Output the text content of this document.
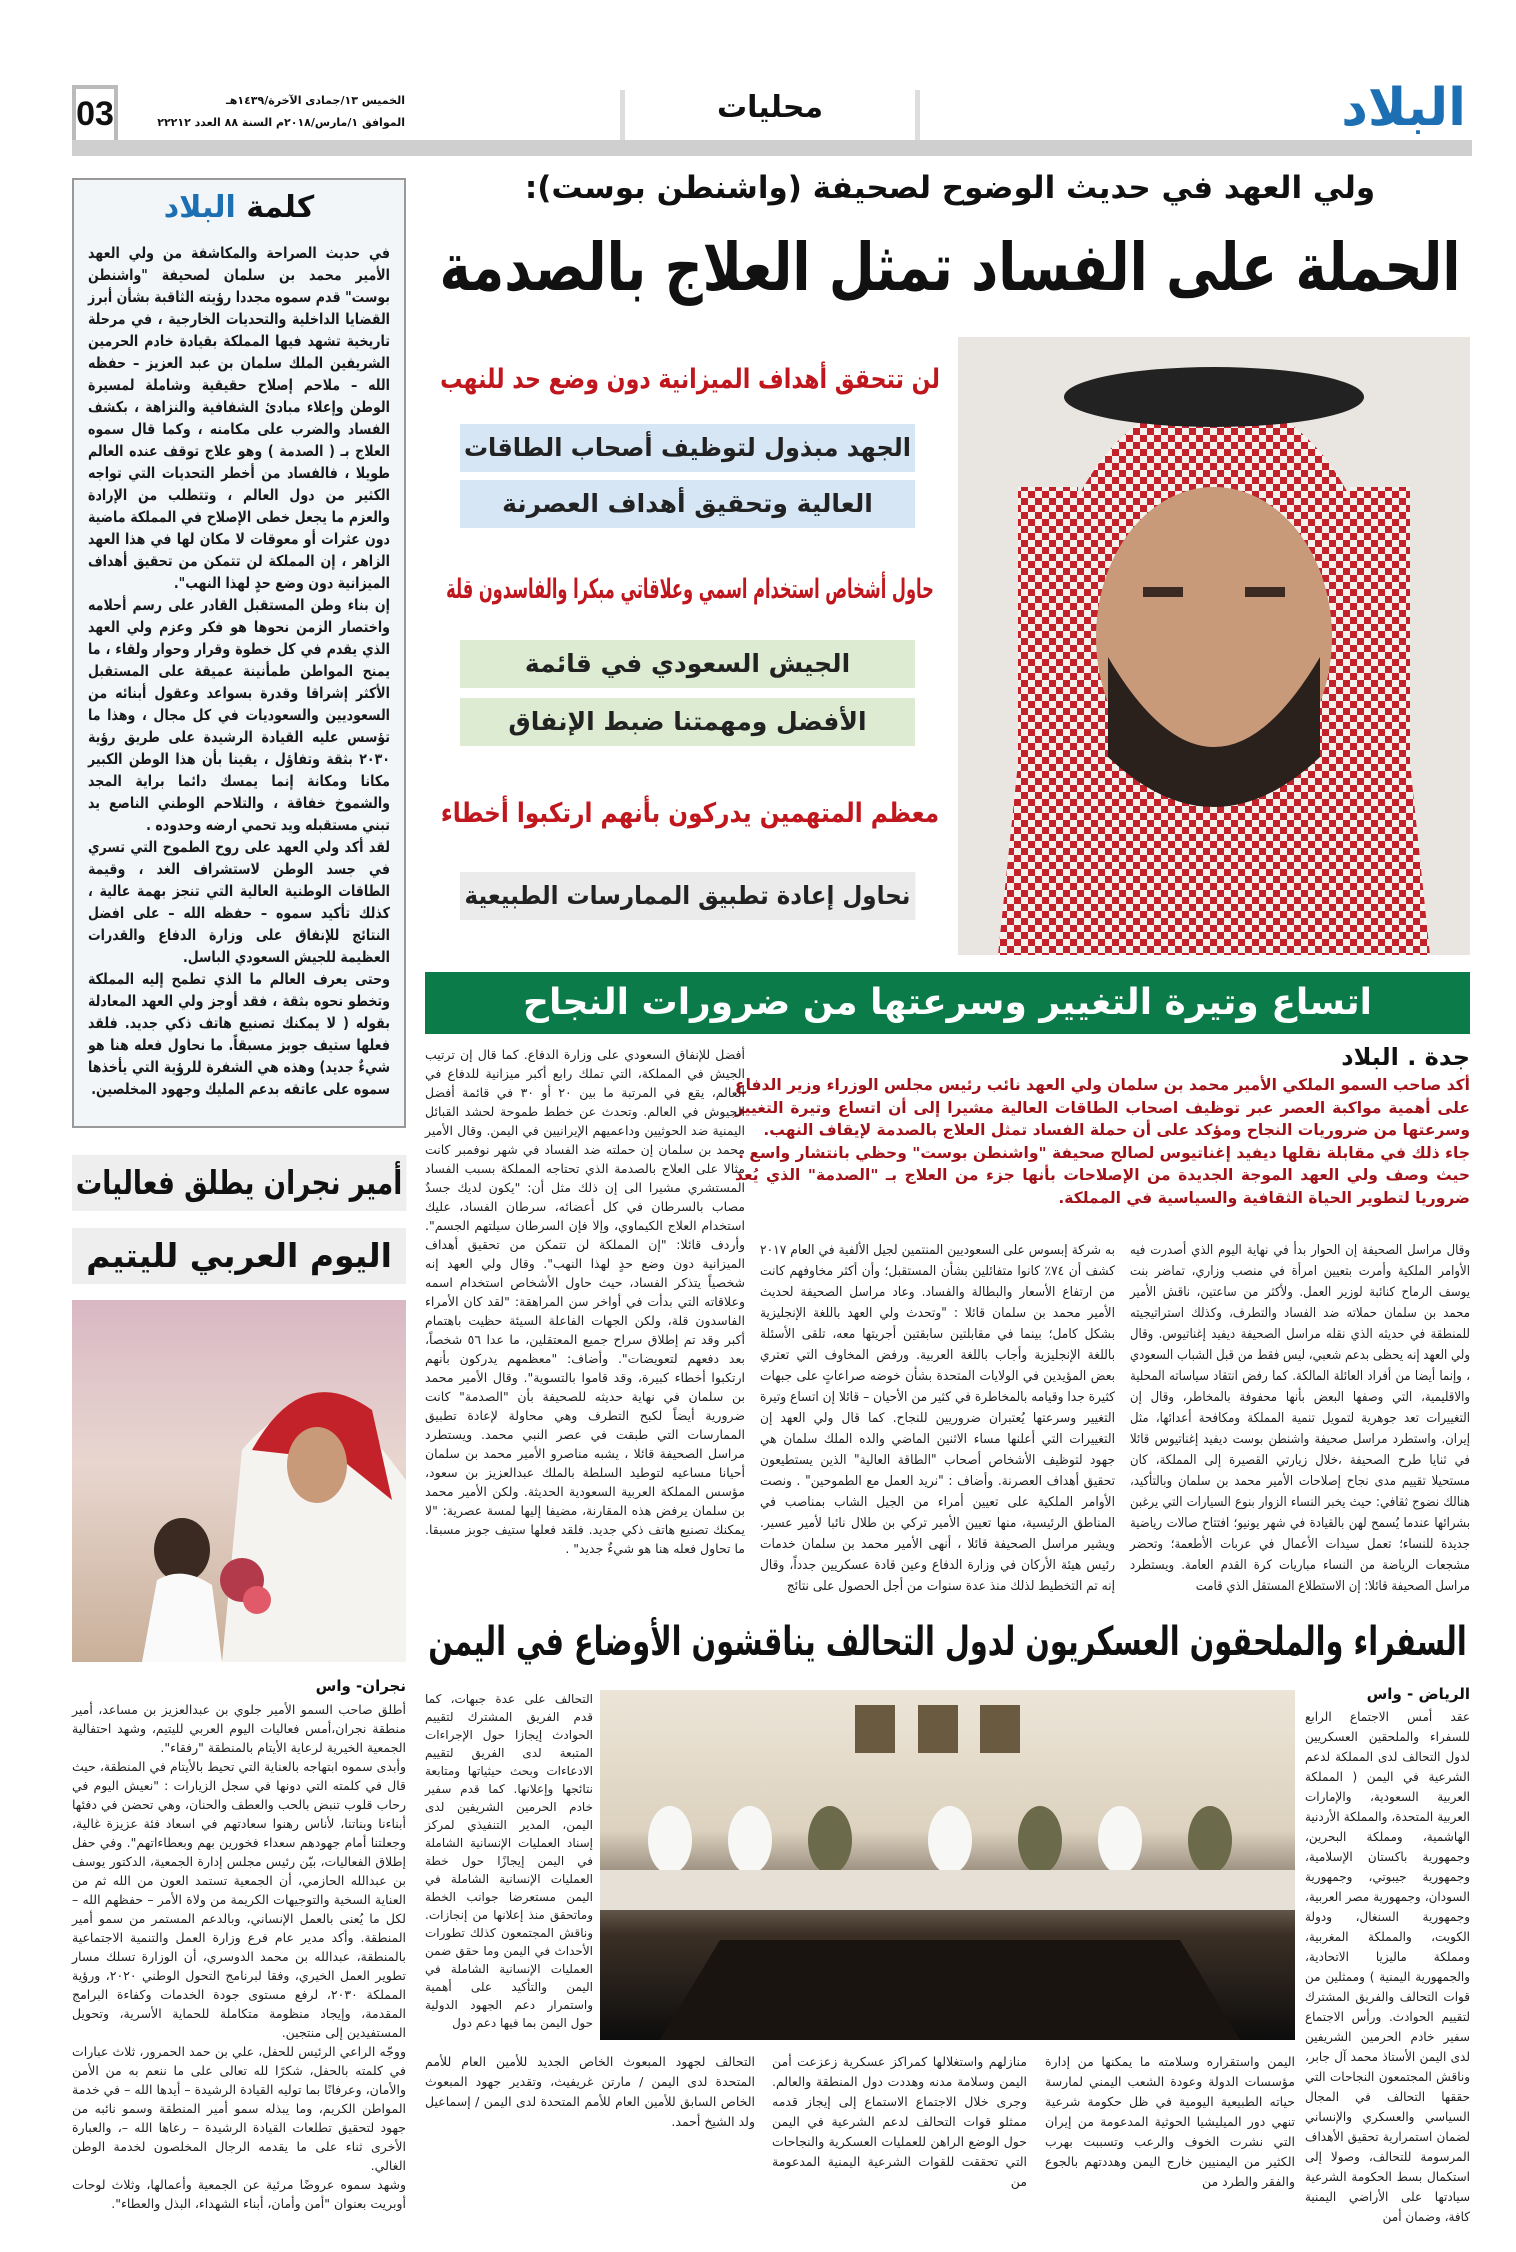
البلاد
محليات
03	الخميس ١٣/جمادى الآخرة/١٤٣٩هـ
الموافق ١/مارس/٢٠١٨م السنة ٨٨ العدد ٢٢٢١٢
كلمة البلاد

في حديث الصراحة والمكاشفة من ولي العهد الأمير محمد بن سلمان لصحيفة "واشنطن بوست" قدم سموه مجددا رؤيته الثاقبة بشأن أبرز القضايا الداخلية والتحديات الخارجية ، في مرحلة تاريخية تشهد فيها المملكة بقيادة خادم الحرمين الشريفين الملك سلمان بن عبد العزيز – حفظه الله – ملاحم إصلاح حقيقية وشاملة لمسيرة الوطن وإعلاء مبادئ الشفافية والنزاهة ، بكشف الفساد والضرب على مكامنه ، وكما قال سموه العلاج بـ ( الصدمة ) وهو علاج توقف عنده العالم طويلا ، فالفساد من أخطر التحديات التي تواجه الكثير من دول العالم ، وتتطلب من الإرادة والعزم ما يجعل خطى الإصلاح في المملكة ماضية دون عثرات أو معوقات لا مكان لها في هذا العهد الزاهر ، إن المملكة لن تتمكن من تحقيق أهداف الميزانية دون وضع حدٍ لهذا النهب".

إن بناء وطن المستقبل القادر على رسم أحلامه واختصار الزمن نحوها هو فكر وعزم ولي العهد الذي يقدم في كل خطوة وقرار وحوار ولقاء ، ما يمنح المواطن طمأنينة عميقة على المستقبل الأكثر إشراقا وقدرة بسواعد وعقول أبنائه من السعوديين والسعوديات في كل مجال ، وهذا ما تؤسس عليه القيادة الرشيدة على طريق رؤية ٢٠٣٠ بثقة وتفاؤل ، يقينا بأن هذا الوطن الكبير مكانا ومكانة إنما يمسك دائما براية المجد والشموخ خفاقة ، والتلاحم الوطني الناصع يد تبني مستقبله ويد تحمي ارضه وحدوده .

لقد أكد ولي العهد على روح الطموح التي تسري في جسد الوطن لاستشراف الغد ، وقيمة الطاقات الوطنية العالية التي تنجز بهمة عالية ، كذلك تأكيد سموه – حفظه الله – على افضل النتائج للإنفاق على وزارة الدفاع والقدرات العظيمة للجيش السعودي الباسل.

وحتى يعرف العالم ما الذي تطمح إليه المملكة وتخطو نحوه بثقة ، فقد أوجز ولي العهد المعادلة بقوله ( لا يمكنك تصنيع هاتف ذكي جديد. فلقد فعلها ستيف جوبز مسبقاً. ما نحاول فعله هنا هو شيءٌ جديد) وهذه هي الشفرة للرؤية التي يأخذها سموه على عاتقه بدعم المليك وجهود المخلصين.

ولي العهد في حديث الوضوح لصحيفة (واشنطن بوست):
الحملة على الفساد تمثل العلاج بالصدمة
لن تتحقق أهداف الميزانية دون وضع حد للنهب
الجهد مبذول لتوظيف أصحاب الطاقات
العالية وتحقيق أهداف العصرنة
حاول أشخاص استخدام اسمي وعلاقاتي مبكرا والفاسدون قلة
الجيش السعودي في قائمة
الأفضل ومهمتنا ضبط الإنفاق
معظم المتهمين يدركون بأنهم ارتكبوا أخطاء
نحاول إعادة تطبيق الممارسات الطبيعية
اتساع وتيرة التغيير وسرعتها من ضرورات النجاح
جدة . البلاد

أكد صاحب السمو الملكي الأمير محمد بن سلمان ولي العهد نائب رئيس مجلس الوزراء وزير الدفاع على أهمية مواكبة العصر عبر توظيف اصحاب الطاقات العالية مشيرا إلى أن اتساع وتيرة التغيير وسرعتها من ضروريات النجاح ومؤكد على أن حملة الفساد تمثل العلاج بالصدمة لإيقاف النهب.

جاء ذلك في مقابلة نقلها ديفيد إغناتيوس لصالح صحيفة "واشنطن بوست" وحظي بانتشار واسع .

حيث وصف ولي العهد الموجة الجديدة من الإصلاحات بأنها جزء من العلاج بـ "الصدمة" الذي يُعد ضروريا لتطوير الحياة الثقافية والسياسية في المملكة.

وقال مراسل الصحيفة إن الحوار بدأ في نهاية اليوم الذي أصدرت فيه الأوامر الملكية وأمرت بتعيين امرأة في منصب وزاري، تماضر بنت يوسف الرماح كنائبة لوزير العمل. ولأكثر من ساعتين، ناقش الأمير محمد بن سلمان حملاته ضد الفساد والتطرف، وكذلك استراتيجيته للمنطقة في حديثه الذي نقله مراسل الصحيفة ديفيد إغناتيوس. وقال ولي العهد إنه يحظى بدعم شعبي، ليس فقط من قبل الشباب السعودي ، وإنما أيضا من أفراد العائلة المالكة. كما رفض انتقاد سياساته المحلية والاقليمية، التي وصفها البعض بأنها محفوفة بالمخاطر، وقال إن التغييرات تعد جوهرية لتمويل تنمية المملكة ومكافحة أعدائها، مثل إيران. واستطرد مراسل صحيفة واشنطن بوست ديفيد إغناتيوس قائلا في ثنايا طرح الصحيفة ،خلال زيارتي القصيرة إلى المملكة، كان مستحيلا تقييم مدى نجاح إصلاحات الأمير محمد بن سلمان وبالتأكيد، هنالك نضوج ثقافي: حيث يخبر النساء الزوار بنوع السيارات التي يرغبن بشرائها عندما يُسمح لهن بالقيادة في شهر يونيو؛ افتتاح صالات رياضية جديدة للنساء؛ تعمل سيدات الأعمال في عربات الأطعمة؛ وتحضر مشجعات الرياضة من النساء مباريات كرة القدم العامة. ويستطرد مراسل الصحيفة قائلا: إن الاستطلاع المستقل الذي قامت
به شركة إبسوس على السعوديين المنتمين لجيل الألفية في العام ٢٠١٧ كشف أن ٧٤٪ كانوا متفائلين بشأن المستقبل؛ وأن أكثر مخاوفهم كانت من ارتفاع الأسعار والبطالة والفساد. وعاد مراسل الصحيفة لحديث الأمير محمد بن سلمان قائلا : "وتحدث ولي العهد باللغة الإنجليزية بشكل كامل؛ بينما في مقابلتين سابقتين أجريتها معه، تلقى الأسئلة باللغة الإنجليزية وأجاب باللغة العربية. ورفض المخاوف التي تعتري بعض المؤيدين في الولايات المتحدة بشأن خوضه صراعاتٍ على جبهات كثيرة جدا وقيامه بالمخاطرة في كثير من الأحيان – قائلا إن اتساع وتيرة التغيير وسرعتها يُعتبران ضروريين للنجاح. كما قال ولي العهد إن التغييرات التي أعلنها مساء الاثنين الماضي والده الملك سلمان هي جهود لتوظيف الأشخاص أصحاب "الطاقة العالية" الذين يستطيعون تحقيق أهداف العصرنة. وأضاف : "نريد العمل مع الطموحين" . ونصت الأوامر الملكية على تعيين أمراء من الجيل الشاب بمناصب في المناطق الرئيسية، منها تعيين الأمير تركي بن طلال نائبا لأمير عسير. ويشير مراسل الصحيفة قائلا ، أنهى الأمير محمد بن سلمان خدمات رئيس هيئة الأركان في وزارة الدفاع وعين قادة عسكريين جدداً، وقال إنه تم التخطيط لذلك منذ عدة سنوات من أجل الحصول على نتائج
أفضل للإنفاق السعودي على وزارة الدفاع. كما قال إن ترتيب الجيش في المملكة، التي تملك رابع أكبر ميزانية للدفاع في العالم، يقع في المرتبة ما بين ٢٠ أو ٣٠ في قائمة أفضل الجيوش في العالم. وتحدث عن خطط طموحة لحشد القبائل اليمنية ضد الحوثيين وداعميهم الإيرانيين في اليمن. وقال الأمير محمد بن سلمان إن حملته ضد الفساد في شهر نوفمبر كانت مثالا على العلاج بالصدمة الذي تحتاجه المملكة بسبب الفساد المستشري مشيرا الى إن ذلك مثل أن: "يكون لديك جسدٌ مصاب بالسرطان في كل أعضائه، سرطان الفساد، عليك استخدام العلاج الكيماوي، وإلا فإن السرطان سيلتهم الجسم". وأردف قائلا: "إن المملكة لن تتمكن من تحقيق أهداف الميزانية دون وضع حدٍ لهذا النهب". وقال ولي العهد إنه شخصياً يتذكر الفساد، حيث حاول الأشخاص استخدام اسمه وعلاقاته التي بدأت في أواخر سن المراهقة: "لقد كان الأمراء الفاسدون قلة، ولكن الجهات الفاعلة السيئة حظيت باهتمام أكبر وقد تم إطلاق سراح جميع المعتقلين، ما عدا ٥٦ شخصاً، بعد دفعهم لتعويضات". وأضاف: "معظمهم يدركون بأنهم ارتكبوا أخطاء كبيرة، وقد قاموا بالتسوية". وقال الأمير محمد بن سلمان في نهاية حديثه للصحيفة بأن "الصدمة" كانت ضرورية أيضاً لكبح التطرف وهي محاولة لإعادة تطبيق الممارسات التي طبقت في عصر النبي محمد. ويستطرد مراسل الصحيفة قائلا ، يشبه مناصرو الأمير محمد بن سلمان أحيانا مساعيه لتوطيد السلطة بالملك عبدالعزيز بن سعود، مؤسس المملكة العربية السعودية الحديثة. ولكن الأمير محمد بن سلمان يرفض هذه المقارنة، مضيفا إليها لمسة عصرية: "لا يمكنك تصنيع هاتف ذكي جديد. فلقد فعلها ستيف جوبز مسبقا. ما تحاول فعله هنا هو شيءٌ جديد" .
أمير نجران يطلق فعاليات
اليوم العربي لليتيم
نجران- واس

أطلق صاحب السمو الأمير جلوي بن عبدالعزيز بن مساعد، أمير منطقة نجران،أمس فعاليات اليوم العربي لليتيم، وشهد احتفالية الجمعية الخيرية لرعاية الأيتام بالمنطقة "رفقاء".

وأبدى سموه ابتهاجه بالعناية التي تحيط بالأيتام في المنطقة، حيث قال في كلمته التي دونها في سجل الزيارات : "نعيش اليوم في رحاب قلوب تنبض بالحب والعطف والحنان، وهي تحضن في دفئها أبناءنا وبناتنا، لأناس رهنوا سعادتهم في اسعاد فئة عزيزة غالية، وجعلتنا أمام جهودهم سعداء فخورين بهم وبعطاءاتهم". وفي حفل إطلاق الفعاليات، بيّن رئيس مجلس إدارة الجمعية، الدكتور يوسف بن عبدالله الحازمي، أن الجمعية تستمد العون من الله ثم من العناية السخية والتوجيهات الكريمة من ولاة الأمر – حفظهم الله – لكل ما يُعنى بالعمل الإنساني، وبالدعم المستمر من سمو أمير المنطقة. وأكد مدير عام فرع وزارة العمل والتنمية الاجتماعية بالمنطقة، عبدالله بن محمد الدوسري، أن الوزارة تسلك مسار تطوير العمل الخيري، وفقا لبرنامج التحول الوطني ٢٠٢٠، ورؤية المملكة ٢٠٣٠، لرفع مستوى جودة الخدمات وكفاءة البرامج المقدمة، وإيجاد منظومة متكاملة للحماية الأسرية، وتحويل المستفيدين إلى منتجين.

ووجّه الراعي الرئيس للحفل، علي بن حمد الحمرور، ثلاث عبارات في كلمته بالحفل، شكرًا لله تعالى على ما ننعم به من الأمن والأمان، وعرفانًا بما توليه القيادة الرشيدة – أيدها الله – في خدمة المواطن الكريم، وما يبذله سمو أمير المنطقة وسمو نائبه من جهود لتحقيق تطلعات القيادة الرشيدة – رعاها الله –، والعبارة الأخرى ثناء على ما يقدمه الرجال المخلصون لخدمة الوطن الغالي.

وشهد سموه عروضًا مرئية عن الجمعية وأعمالها، وثلاث لوحات أوبريت بعنوان "أمن وأمان، أبناء الشهداء، البذل والعطاء".

السفراء والملحقون العسكريون لدول التحالف يناقشون الأوضاع في اليمن
الرياض - واس
عقد أمس الاجتماع الرابع للسفراء والملحقين العسكريين لدول التحالف لدى المملكة لدعم الشرعية في اليمن ( المملكة العربية السعودية، والإمارات العربية المتحدة، والمملكة الأردنية الهاشمية، ومملكة البحرين، وجمهورية باكستان الإسلامية، وجمهورية جيبوتي، وجمهورية السودان، وجمهورية مصر العربية، وجمهورية السنغال، ودولة الكويت، والمملكة المغربية، ومملكة ماليزيا الاتحادية، والجمهورية اليمنية ) وممثلين من قوات التحالف والفريق المشترك لتقييم الحوادث. ورأس الاجتماع سفير خادم الحرمين الشريفين لدى اليمن الأستاذ محمد آل جابر، وناقش المجتمعون النجاحات التي حققها التحالف في المجال السياسي والعسكري والإنساني لضمان استمرارية تحقيق الأهداف المرسومة للتحالف، وصولا إلى استكمال بسط الحكومة الشرعية سيادتها على الأراضي اليمنية كافة، وضمان أمن
التحالف على عدة جبهات، كما قدم الفريق المشترك لتقييم الحوادث إيجازا حول الإجراءات المتبعة لدى الفريق لتقييم الادعاءات وبحث حيثياتها ومتابعة نتائجها وإعلانها. كما قدم سفير خادم الحرمين الشريفين لدى اليمن، المدير التنفيذي لمركز إسناد العمليات الإنسانية الشاملة في اليمن إيجازًا حول خطة العمليات الإنسانية الشاملة في اليمن مستعرضا جوانب الخطة وماتحقق منذ إعلانها من إنجازات. وناقش المجتمعون كذلك تطورات الأحداث في اليمن وما حقق ضمن العمليات الإنسانية الشاملة في اليمن والتأكيد على أهمية واستمرار دعم الجهود الدولية حول اليمن بما فيها دعم دول
اليمن واستقراره وسلامته ما يمكنها من إدارة مؤسسات الدولة وعودة الشعب اليمني لمارسة حياته الطبيعية اليومية في ظل حكومة شرعية تنهي دور الميليشيا الحوثية المدعومة من إيران التي نشرت الخوف والرعب وتسببت بهرب الكثير من اليمنيين خارج اليمن وهددتهم بالجوع والفقر والطرد من
منازلهم واستغلالها كمراكز عسكرية زعزعت أمن اليمن وسلامة مدنه وهددت دول المنطقة والعالم. وجرى خلال الاجتماع الاستماع إلى إيجاز قدمه ممثلو قوات التحالف لدعم الشرعية في اليمن حول الوضع الراهن للعمليات العسكرية والنجاحات التي تحققت للقوات الشرعية اليمنية المدعومة من
التحالف لجهود المبعوث الخاص الجديد للأمين العام للأمم المتحدة لدى اليمن / مارتن غريفيث، وتقدير جهود المبعوث الخاص السابق للأمين العام للأمم المتحدة لدى اليمن / إسماعيل ولد الشيخ أحمد.
